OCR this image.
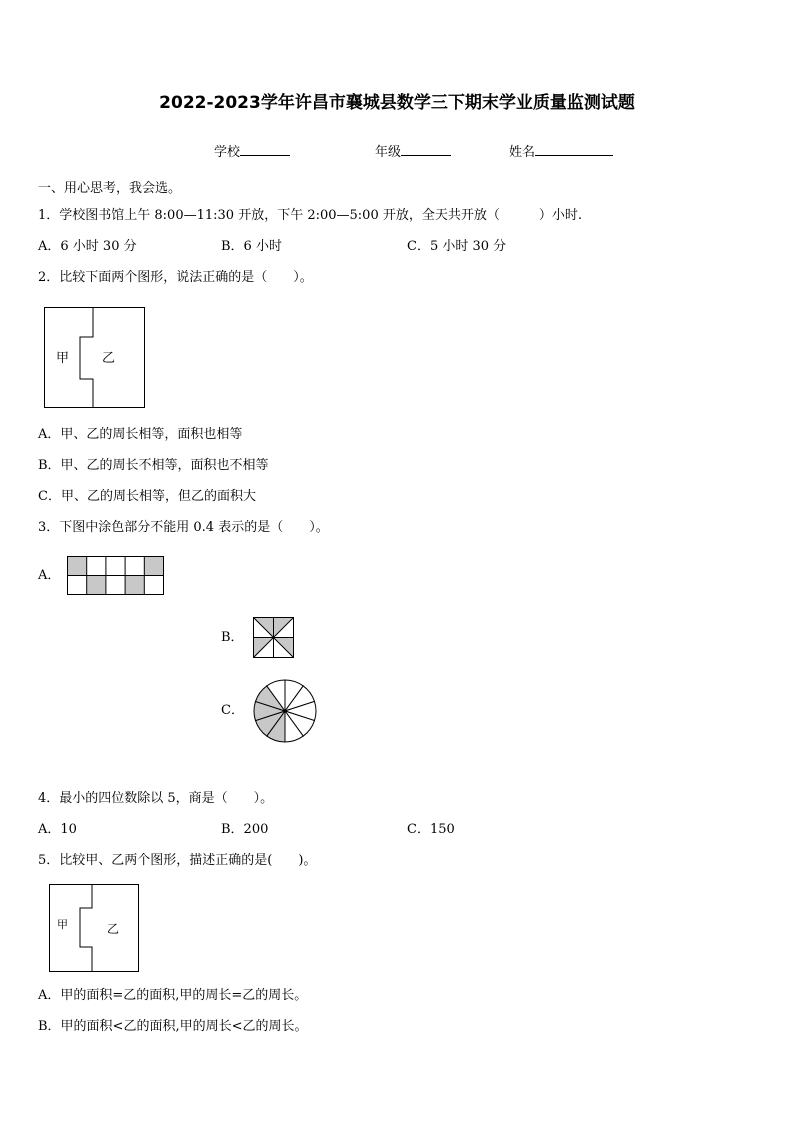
2022-2023学年许昌市襄城县数学三下期末学业质量监测试题
学校	年级	姓名
一、用心思考，我会选。
1．学校图书馆上午 8:00—11:30 开放，下午 2:00—5:00 开放，全天共开放（　　　）小时.
A．6 小时 30 分	B．6 小时	C．5 小时 30 分
2．比较下面两个图形，说法正确的是（　　）。
甲	乙
A．甲、乙的周长相等，面积也相等
B．甲、乙的周长不相等，面积也不相等
C．甲、乙的周长相等，但乙的面积大
3．下图中涂色部分不能用 0.4 表示的是（　　）。
A．
B．
C．
4．最小的四位数除以 5，商是（　　）。
A．10	B．200	C．150
5．比较甲、乙两个图形，描述正确的是(　　)。
甲	乙
A．甲的面积=乙的面积,甲的周长=乙的周长。
B．甲的面积<乙的面积,甲的周长<乙的周长。
